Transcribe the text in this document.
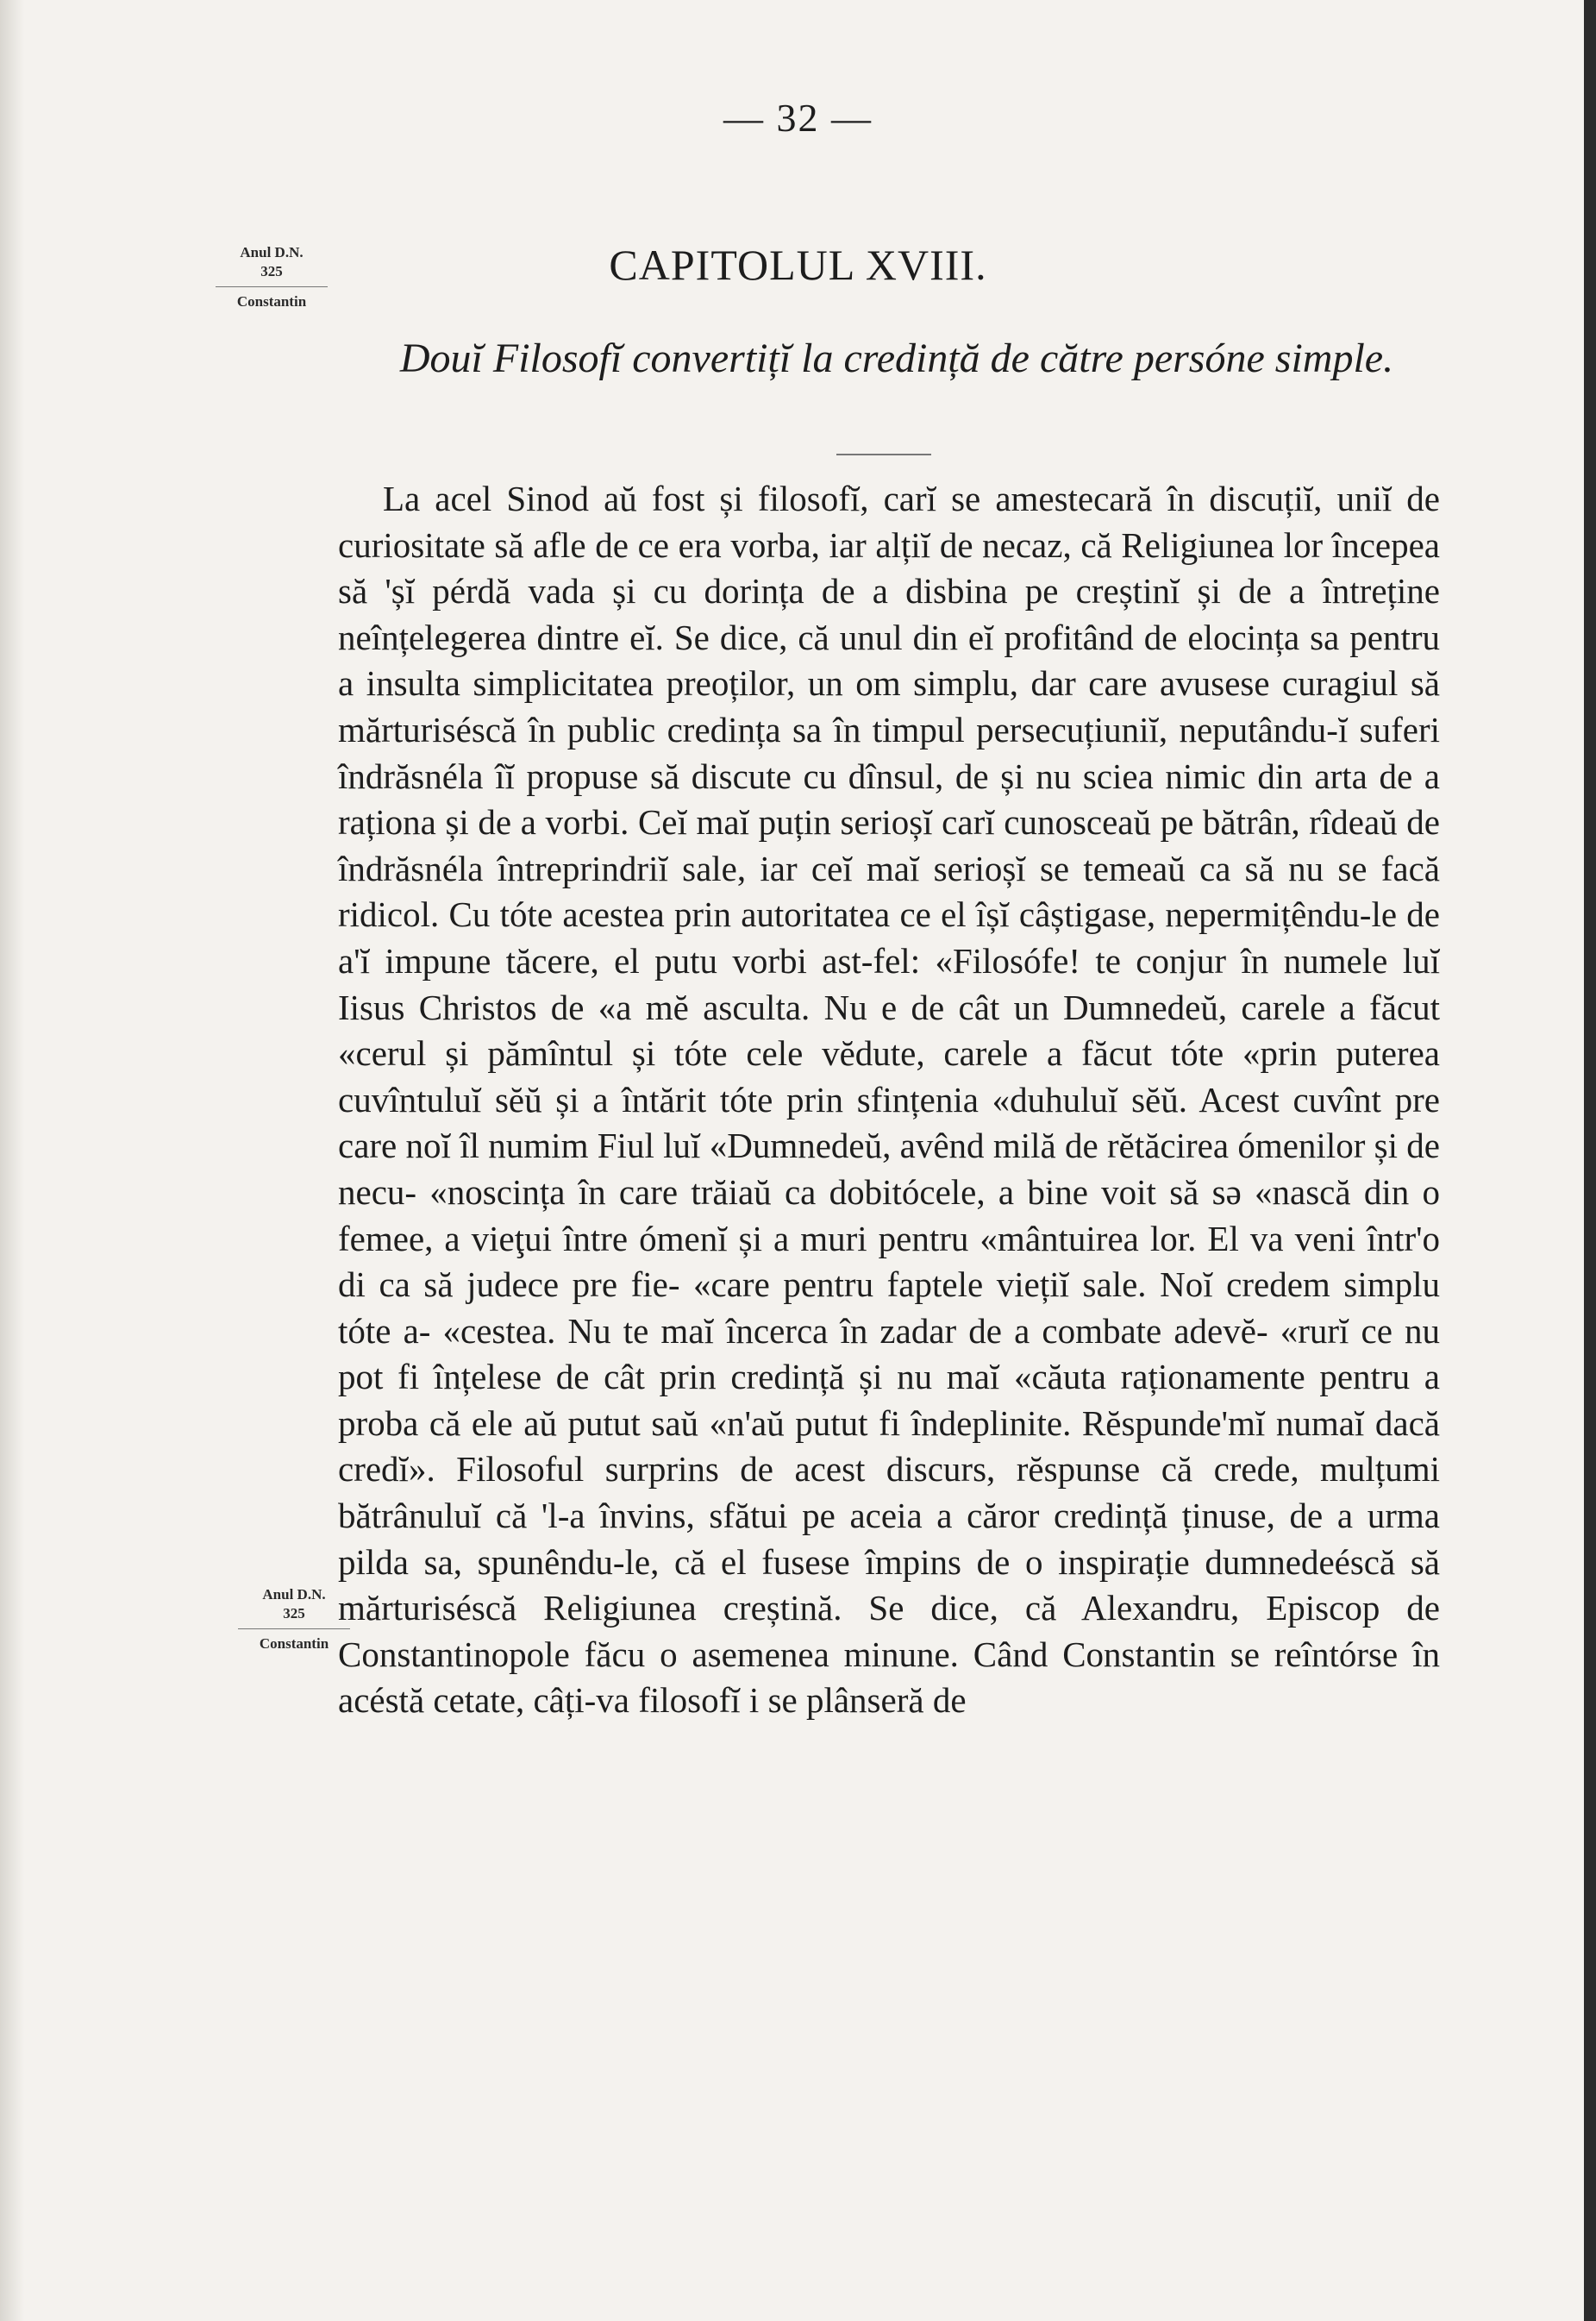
— 32 —
Anul D.N.
325
Constantin
Anul D.N.
325
Constantin
CAPITOLUL XVIII.
Douĭ Filosofĭ convertițĭ la credință de către persóne simple.
La acel Sinod aŭ fost și filosofĭ, carĭ se amestecară în discuțiĭ, uniĭ de curiositate să afle de ce era vorba, iar alțiĭ de necaz, că Religiunea lor începea să 'șĭ pérdă vada și cu dorința de a disbina pe creștinĭ și de a întreține neînțelegerea dintre eĭ. Se dice, că unul din eĭ profitând de elocința sa pentru a insulta simplicitatea preoților, un om simplu, dar care avusese curagiul să mărturiséscă în public credința sa în timpul persecuțiuniĭ, neputându-ĭ suferi îndrăsnéla îĭ propuse să discute cu dînsul, de și nu sciea nimic din arta de a raționa și de a vorbi. Ceĭ maĭ puțin serioșĭ carĭ cunosceaŭ pe bătrân, rîdeaŭ de îndrăsnéla întreprindriĭ sale, iar ceĭ maĭ serioșĭ se temeaŭ ca să nu se facă ridicol. Cu tóte acestea prin autoritatea ce el îșĭ câștigase, nepermițêndu-le de a'ĭ impune tăcere, el putu vorbi ast-fel: «Filosófe! te conjur în numele luĭ Iisus Christos de «a mĕ asculta. Nu e de cât un Dumnedeŭ, carele a făcut «cerul și pămîntul și tóte cele vĕdute, carele a făcut tóte «prin puterea cuvîntuluĭ sĕŭ și a întărit tóte prin sfințenia «duhuluĭ sĕŭ. Acest cuvînt pre care noĭ îl numim Fiul luĭ «Dumnedeŭ, avênd milă de rĕtăcirea ómenilor și de necu- «noscința în care trăiaŭ ca dobitócele, a bine voit să sə «nască din o femee, a vieţui între ómenĭ și a muri pentru «mântuirea lor. El va veni într'o di ca să judece pre fie- «care pentru faptele viețiĭ sale. Noĭ credem simplu tóte a- «cestea. Nu te maĭ încerca în zadar de a combate adevĕ- «rurĭ ce nu pot fi înțelese de cât prin credință și nu maĭ «căuta raționamente pentru a proba că ele aŭ putut saŭ «n'aŭ putut fi îndeplinite. Rĕspunde'mĭ numaĭ dacă credĭ». Filosoful surprins de acest discurs, rĕspunse că crede, mulțumi bătrânuluĭ că 'l-a învins, sfătui pe aceia a căror credință ținuse, de a urma pilda sa, spunêndu-le, că el fusese împins de o inspirație dumnedeéscă să mărturiséscă Religiunea creștină. Se dice, că Alexandru, Episcop de Constantinopole făcu o asemenea minune. Când Constantin se reîntórse în acéstă cetate, câți-va filosofĭ i se plânseră de
